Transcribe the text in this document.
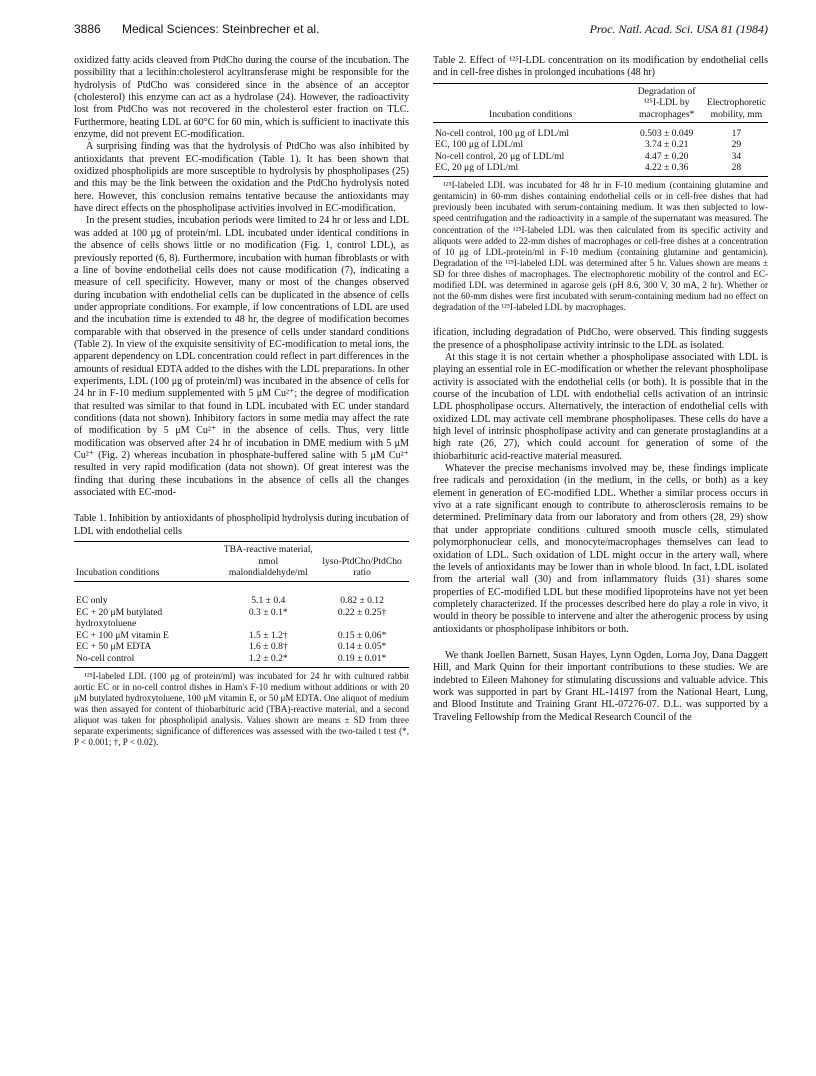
3886 Medical Sciences: Steinbrecher et al.	Proc. Natl. Acad. Sci. USA 81 (1984)

oxidized fatty acids cleaved from PtdCho during the course of the incubation. The possibility that a lecithin:cholesterol acyltransferase might be responsible for the hydrolysis of PtdCho was considered since in the absence of an acceptor (cholesterol) this enzyme can act as a hydrolase (24). However, the radioactivity lost from PtdCho was not recovered in the cholesterol ester fraction on TLC. Furthermore, heating LDL at 60°C for 60 min, which is sufficient to inactivate this enzyme, did not prevent EC-modification.

A surprising finding was that the hydrolysis of PtdCho was also inhibited by antioxidants that prevent EC-modification (Table 1). It has been shown that oxidized phospholipids are more susceptible to hydrolysis by phospholipases (25) and this may be the link between the oxidation and the PtdCho hydrolysis noted here. However, this conclusion remains tentative because the antioxidants may have direct effects on the phospholipase activities involved in EC-modification.

In the present studies, incubation periods were limited to 24 hr or less and LDL was added at 100 μg of protein/ml. LDL incubated under identical conditions in the absence of cells shows little or no modification (Fig. 1, control LDL), as previously reported (6, 8). Furthermore, incubation with human fibroblasts or with a line of bovine endothelial cells does not cause modification (7), indicating a measure of cell specificity. However, many or most of the changes observed during incubation with endothelial cells can be duplicated in the absence of cells under appropriate conditions. For example, if low concentrations of LDL are used and the incubation time is extended to 48 hr, the degree of modification becomes comparable with that observed in the presence of cells under standard conditions (Table 2). In view of the exquisite sensitivity of EC-modification to metal ions, the apparent dependency on LDL concentration could reflect in part differences in the amounts of residual EDTA added to the dishes with the LDL preparations. In other experiments, LDL (100 μg of protein/ml) was incubated in the absence of cells for 24 hr in F-10 medium supplemented with 5 μM Cu²⁺; the degree of modification that resulted was similar to that found in LDL incubated with EC under standard conditions (data not shown). Inhibitory factors in some media may affect the rate of modification by 5 μM Cu²⁺ in the absence of cells. Thus, very little modification was observed after 24 hr of incubation in DME medium with 5 μM Cu²⁺ (Fig. 2) whereas incubation in phosphate-buffered saline with 5 μM Cu²⁺ resulted in very rapid modification (data not shown). Of great interest was the finding that during these incubations in the absence of cells all the changes associated with EC-mod-

Table 1. Inhibition by antioxidants of phospholipid hydrolysis during incubation of LDL with endothelial cells

Incubation conditions	TBA-reactive material, nmol malondialdehyde/ml	lyso-PtdCho/PtdCho ratio

EC only	5.1 ± 0.4	0.82 ± 0.12
EC + 20 μM butylated hydroxytoluene	0.3 ± 0.1*	0.22 ± 0.25†
EC + 100 μM vitamin E	1.5 ± 1.2†	0.15 ± 0.06*
EC + 50 μM EDTA	1.6 ± 0.8†	0.14 ± 0.05*
No-cell control	1.2 ± 0.2*	0.19 ± 0.01*

¹²⁵I-labeled LDL (100 μg of protein/ml) was incubated for 24 hr with cultured rabbit aortic EC or in no-cell control dishes in Ham's F-10 medium without additions or with 20 μM butylated hydroxytoluene, 100 μM vitamin E, or 50 μM EDTA. One aliquot of medium was then assayed for content of thiobarbituric acid (TBA)-reactive material, and a second aliquot was taken for phospholipid analysis. Values shown are means ± SD from three separate experiments; significance of differences was assessed with the two-tailed t test (*, P < 0.001; †, P < 0.02).

Table 2. Effect of ¹²⁵I-LDL concentration on its modification by endothelial cells and in cell-free dishes in prolonged incubations (48 hr)

Incubation conditions	Degradation of ¹²⁵I-LDL by macrophages*	Electrophoretic mobility, mm

No-cell control, 100 μg of LDL/ml	0.503 ± 0.049	17
EC, 100 μg of LDL/ml	3.74 ± 0.21	29
No-cell control, 20 μg of LDL/ml	4.47 ± 0.20	34
EC, 20 μg of LDL/ml	4.22 ± 0.36	28

¹²⁵I-labeled LDL was incubated for 48 hr in F-10 medium (containing glutamine and gentamicin) in 60-mm dishes containing endothelial cells or in cell-free dishes that had previously been incubated with serum-containing medium. It was then subjected to low-speed centrifugation and the radioactivity in a sample of the supernatant was measured. The concentration of the ¹²⁵I-labeled LDL was then calculated from its specific activity and aliquots were added to 22-mm dishes of macrophages or cell-free dishes at a concentration of 10 μg of LDL-protein/ml in F-10 medium (containing glutamine and gentamicin). Degradation of the ¹²⁵I-labeled LDL was determined after 5 hr. Values shown are means ± SD for three dishes of macrophages. The electrophoretic mobility of the control and EC-modified LDL was determined in agarose gels (pH 8.6, 300 V, 30 mA, 2 hr). Whether or not the 60-mm dishes were first incubated with serum-containing medium had no effect on degradation of the ¹²⁵I-labeled LDL by macrophages.

ification, including degradation of PtdCho, were observed. This finding suggests the presence of a phospholipase activity intrinsic to the LDL as isolated.

At this stage it is not certain whether a phospholipase associated with LDL is playing an essential role in EC-modification or whether the relevant phospholipase activity is associated with the endothelial cells (or both). It is possible that in the course of the incubation of LDL with endothelial cells activation of an intrinsic LDL phospholipase occurs. Alternatively, the interaction of endothelial cells with oxidized LDL may activate cell membrane phospholipases. These cells do have a high level of intrinsic phospholipase activity and can generate prostaglandins at a high rate (26, 27), which could account for generation of some of the thiobarbituric acid-reactive material measured.

Whatever the precise mechanisms involved may be, these findings implicate free radicals and peroxidation (in the medium, in the cells, or both) as a key element in generation of EC-modified LDL. Whether a similar process occurs in vivo at a rate significant enough to contribute to atherosclerosis remains to be determined. Preliminary data from our laboratory and from others (28, 29) show that under appropriate conditions cultured smooth muscle cells, stimulated polymorphonuclear cells, and monocyte/macrophages themselves can lead to oxidation of LDL. Such oxidation of LDL might occur in the artery wall, where the levels of antioxidants may be lower than in whole blood. In fact, LDL isolated from the arterial wall (30) and from inflammatory fluids (31) shares some properties of EC-modified LDL but these modified lipoproteins have not yet been completely characterized. If the processes described here do play a role in vivo, it would in theory be possible to intervene and alter the atherogenic process by using antioxidants or phospholipase inhibitors or both.

We thank Joellen Barnett, Susan Hayes, Lynn Ogden, Lorna Joy, Dana Daggett Hill, and Mark Quinn for their important contributions to these studies. We are indebted to Eileen Mahoney for stimulating discussions and valuable advice. This work was supported in part by Grant HL-14197 from the National Heart, Lung, and Blood Institute and Training Grant HL-07276-07. D.L. was supported by a Traveling Fellowship from the Medical Research Council of the
